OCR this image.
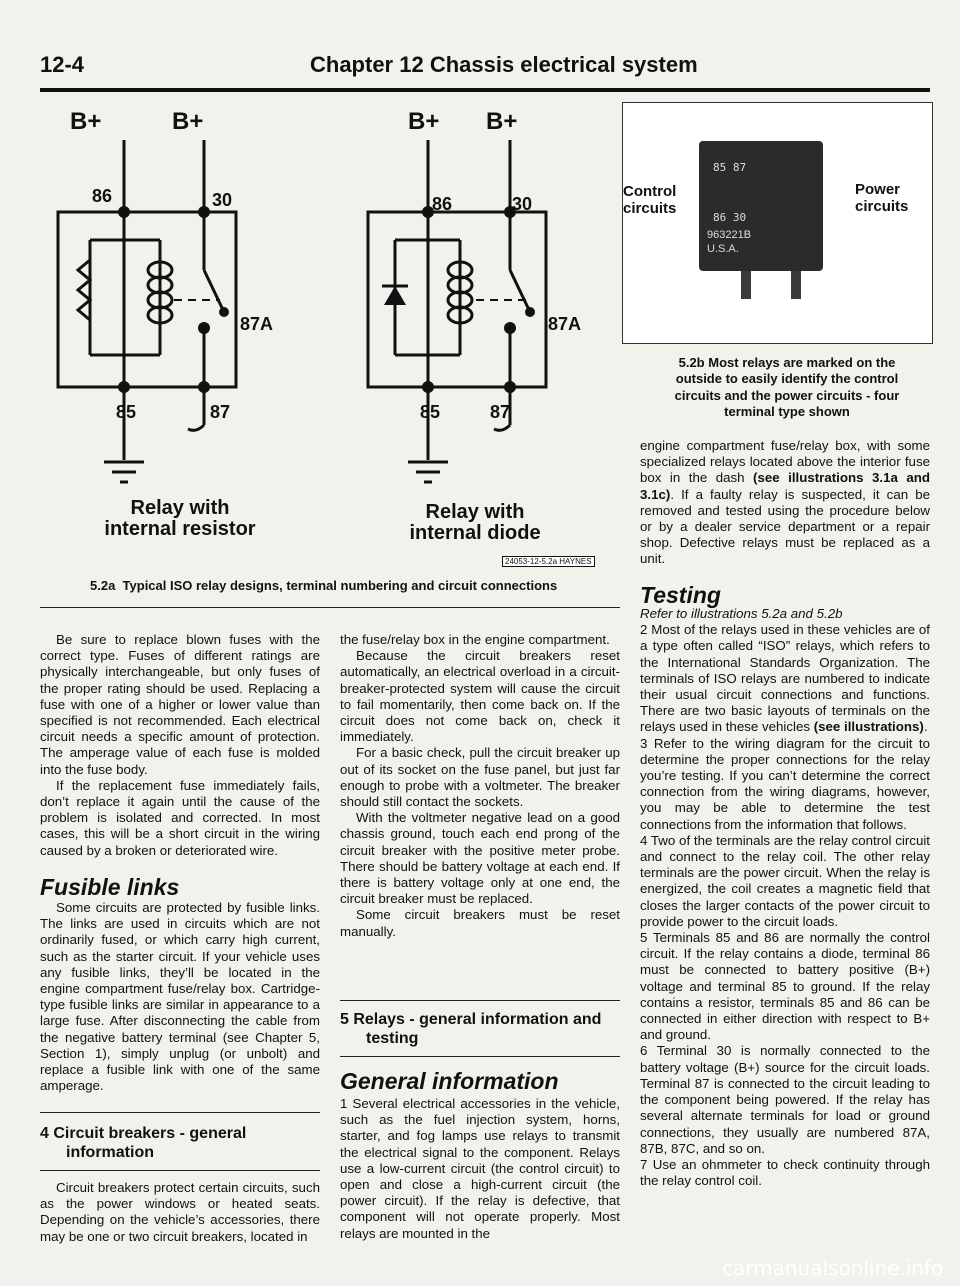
12-4	Chapter 12 Chassis electrical system
B+	B+
86	30
87A
85	87
Relay with
internal resistor
B+ B+
86	30
87A
85	87
Relay with
internal diode
24053-12-5.2a HAYNES
5.2a Typical ISO relay designs, terminal numbering and circuit connections
85 87
86 30
963221B
U.S.A.
Control
circuits
Power
circuits
5.2b Most relays are marked on the outside to easily identify the control circuits and the power circuits - four terminal type shown

Be sure to replace blown fuses with the correct type. Fuses of different ratings are physically interchangeable, but only fuses of the proper rating should be used. Replacing a fuse with one of a higher or lower value than specified is not recommended. Each electrical circuit needs a specific amount of protection. The amperage value of each fuse is molded into the fuse body.

If the replacement fuse immediately fails, don’t replace it again until the cause of the problem is isolated and corrected. In most cases, this will be a short circuit in the wiring caused by a broken or deteriorated wire.

Fusible links

Some circuits are protected by fusible links. The links are used in circuits which are not ordinarily fused, or which carry high current, such as the starter circuit. If your vehicle uses any fusible links, they’ll be located in the engine compartment fuse/relay box. Cartridge-type fusible links are similar in appearance to a large fuse. After disconnecting the cable from the negative battery terminal (see Chapter 5, Section 1), simply unplug (or unbolt) and replace a fusible link with one of the same amperage.

4 Circuit breakers - general
information

Circuit breakers protect certain circuits, such as the power windows or heated seats. Depending on the vehicle’s accessories, there may be one or two circuit breakers, located in

the fuse/relay box in the engine compartment.

Because the circuit breakers reset automatically, an electrical overload in a circuit-breaker-protected system will cause the circuit to fail momentarily, then come back on. If the circuit does not come back on, check it immediately.

For a basic check, pull the circuit breaker up out of its socket on the fuse panel, but just far enough to probe with a voltmeter. The breaker should still contact the sockets.

With the voltmeter negative lead on a good chassis ground, touch each end prong of the circuit breaker with the positive meter probe. There should be battery voltage at each end. If there is battery voltage only at one end, the circuit breaker must be replaced.

Some circuit breakers must be reset manually.

5 Relays - general information and
testing
General information

1 Several electrical accessories in the vehicle, such as the fuel injection system, horns, starter, and fog lamps use relays to transmit the electrical signal to the component. Relays use a low-current circuit (the control circuit) to open and close a high-current circuit (the power circuit). If the relay is defective, that component will not operate properly. Most relays are mounted in the

engine compartment fuse/relay box, with some specialized relays located above the interior fuse box in the dash (see illustrations 3.1a and 3.1c). If a faulty relay is suspected, it can be removed and tested using the procedure below or by a dealer service department or a repair shop. Defective relays must be replaced as a unit.

Testing

Refer to illustrations 5.2a and 5.2b

2 Most of the relays used in these vehicles are of a type often called “ISO” relays, which refers to the International Standards Organization. The terminals of ISO relays are numbered to indicate their usual circuit connections and functions. There are two basic layouts of terminals on the relays used in these vehicles (see illustrations).

3 Refer to the wiring diagram for the circuit to determine the proper connections for the relay you’re testing. If you can’t determine the correct connection from the wiring diagrams, however, you may be able to determine the test connections from the information that follows.

4 Two of the terminals are the relay control circuit and connect to the relay coil. The other relay terminals are the power circuit. When the relay is energized, the coil creates a magnetic field that closes the larger contacts of the power circuit to provide power to the circuit loads.

5 Terminals 85 and 86 are normally the control circuit. If the relay contains a diode, terminal 86 must be connected to battery positive (B+) voltage and terminal 85 to ground. If the relay contains a resistor, terminals 85 and 86 can be connected in either direction with respect to B+ and ground.

6 Terminal 30 is normally connected to the battery voltage (B+) source for the circuit loads. Terminal 87 is connected to the circuit leading to the component being powered. If the relay has several alternate terminals for load or ground connections, they usually are numbered 87A, 87B, 87C, and so on.

7 Use an ohmmeter to check continuity through the relay control coil.

carmanualsonline.info
